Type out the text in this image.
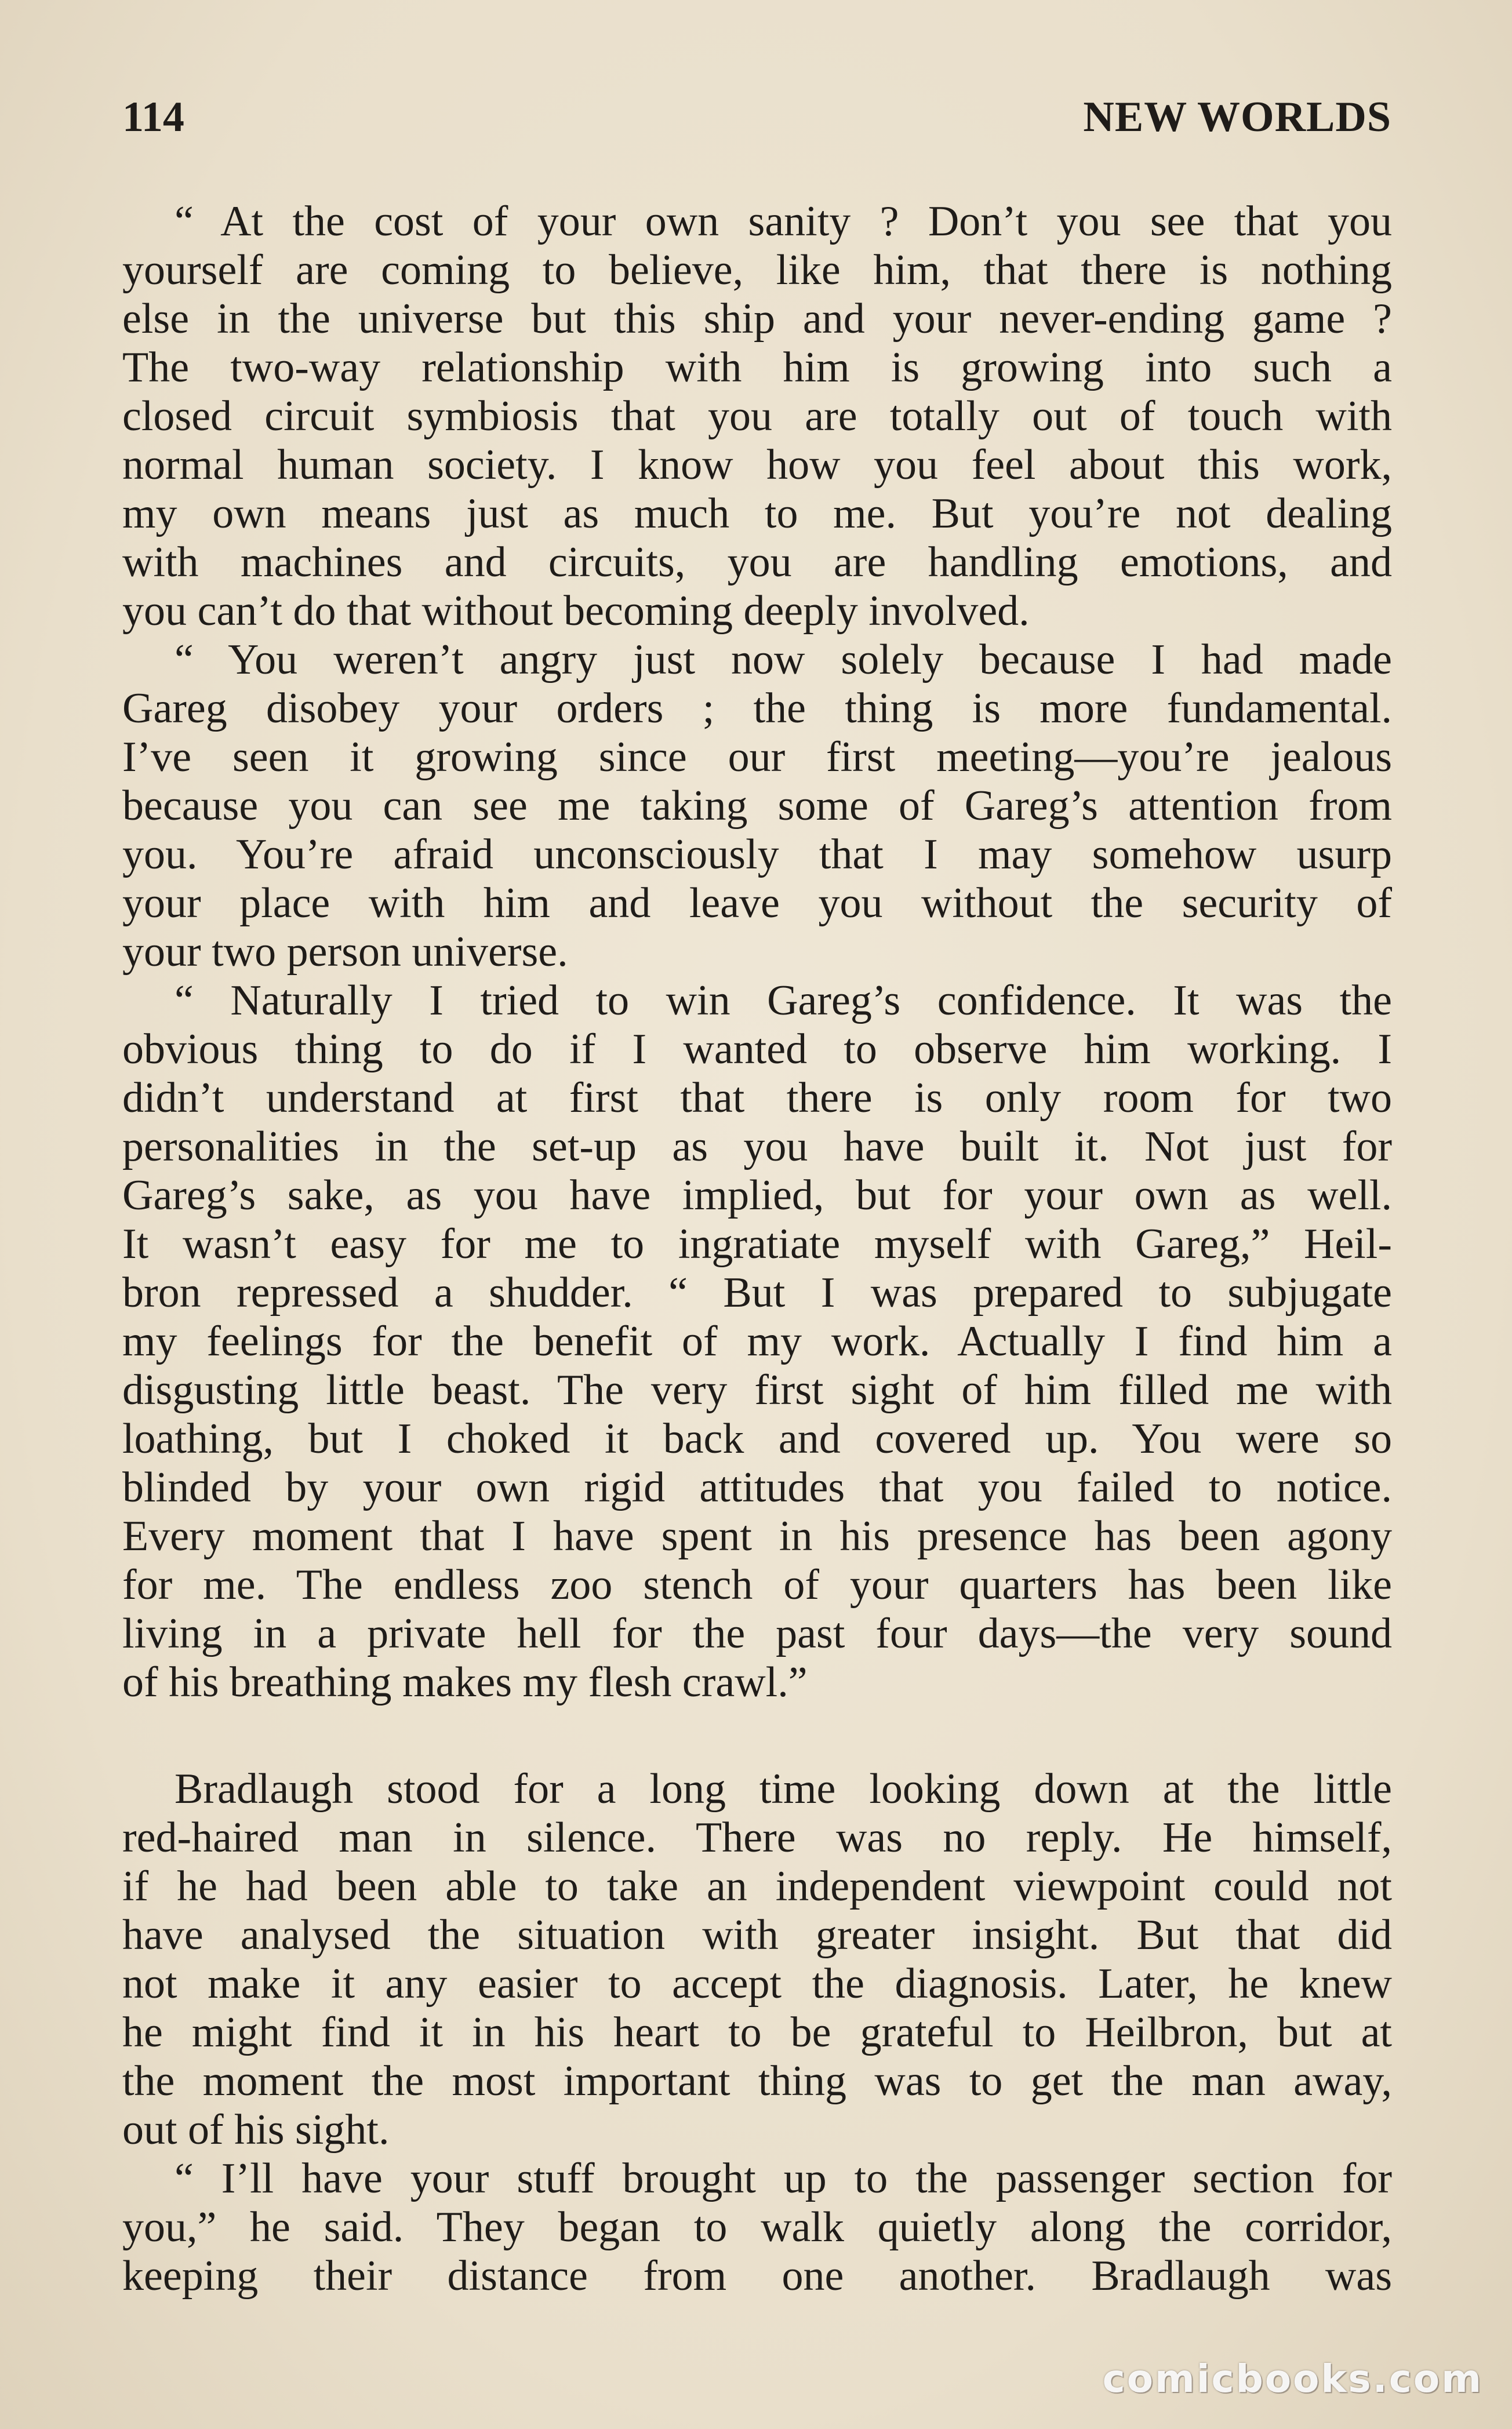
114	NEW WORLDS
“ At the cost of your own sanity ? Don’t you see that you
yourself are coming to believe, like him, that there is nothing
else in the universe but this ship and your never-ending game ?
The two-way relationship with him is growing into such a
closed circuit symbiosis that you are totally out of touch with
normal human society. I know how you feel about this work,
my own means just as much to me. But you’re not dealing
with machines and circuits, you are handling emotions, and
you can’t do that without becoming deeply involved.
“ You weren’t angry just now solely because I had made
Gareg disobey your orders ; the thing is more fundamental.
I’ve seen it growing since our first meeting—you’re jealous
because you can see me taking some of Gareg’s attention from
you. You’re afraid unconsciously that I may somehow usurp
your place with him and leave you without the security of
your two person universe.
“ Naturally I tried to win Gareg’s confidence. It was the
obvious thing to do if I wanted to observe him working. I
didn’t understand at first that there is only room for two
personalities in the set-up as you have built it. Not just for
Gareg’s sake, as you have implied, but for your own as well.
It wasn’t easy for me to ingratiate myself with Gareg,” Heil-
bron repressed a shudder. “ But I was prepared to subjugate
my feelings for the benefit of my work. Actually I find him a
disgusting little beast. The very first sight of him filled me with
loathing, but I choked it back and covered up. You were so
blinded by your own rigid attitudes that you failed to notice.
Every moment that I have spent in his presence has been agony
for me. The endless zoo stench of your quarters has been like
living in a private hell for the past four days—the very sound
of his breathing makes my flesh crawl.”
Bradlaugh stood for a long time looking down at the little
red-haired man in silence. There was no reply. He himself,
if he had been able to take an independent viewpoint could not
have analysed the situation with greater insight. But that did
not make it any easier to accept the diagnosis. Later, he knew
he might find it in his heart to be grateful to Heilbron, but at
the moment the most important thing was to get the man away,
out of his sight.
“ I’ll have your stuff brought up to the passenger section for
you,” he said. They began to walk quietly along the corridor,
keeping their distance from one another. Bradlaugh was
comicbooks.com
